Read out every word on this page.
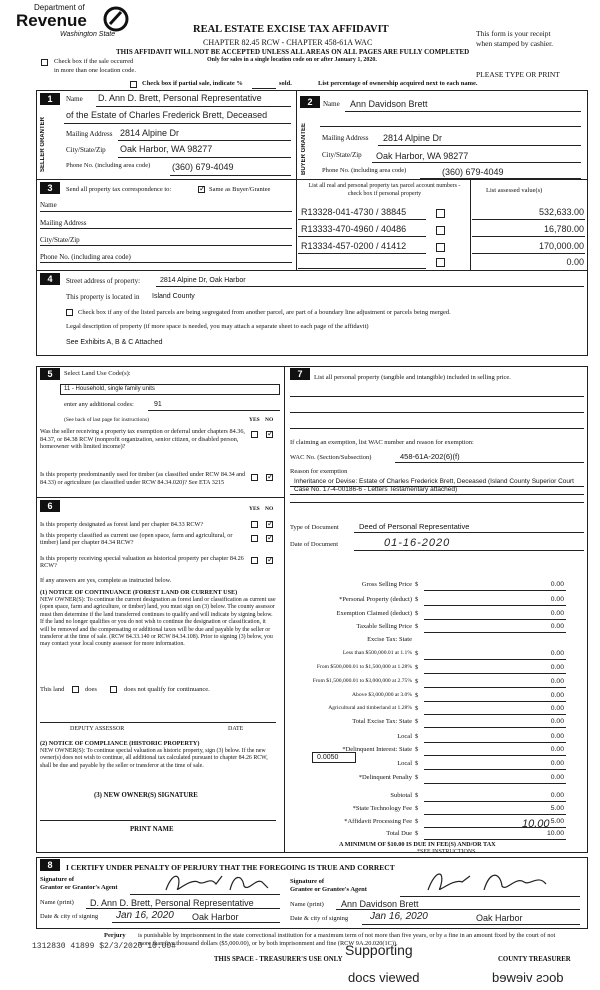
Department of
Revenue
Washington State	REAL ESTATE EXCISE TAX AFFIDAVIT
CHAPTER 82.45 RCW - CHAPTER 458-61A WAC
THIS AFFIDAVIT WILL NOT BE ACCEPTED UNLESS ALL AREAS ON ALL PAGES ARE FULLY COMPLETED
Only for sales in a single location code on or after January 1, 2020.
This form is your receipt
when stamped by cashier.
PLEASE TYPE OR PRINT
Check box if the sale occurred
in more than one location code.
Check box if partial sale, indicate %	sold.	List percentage of ownership acquired next to each name.
1
SELLER GRANTER
Name D. Ann D. Brett, Personal Representative
of the Estate of Charles Frederick Brett, Deceased
Mailing Address 2814 Alpine Dr
City/State/Zip Oak Harbor, WA 98277
Phone No. (including area code) (360) 679-4049
2
BUYER GRANTEE
Name Ann Davidson Brett
Mailing Address 2814 Alpine Dr
City/State/Zip Oak Harbor, WA 98277
Phone No. (including area code)	(360) 679-4049
3	Send all property tax correspondence to: ✓	Same as Buyer/Grantee
Name
Mailing Address
City/State/Zip
Phone No. (including area code)
List all real and personal property tax parcel account numbers - check box if personal property	List assessed value(s)
R13328-041-4730 / 38845	532,633.00
R13333-470-4960 / 40486	16,780.00
R13334-457-0200 / 41412	170,000.00
0.00
4	Street address of property:	2814 Alpine Dr, Oak Harbor
This property is located in Island County
Check box if any of the listed parcels are being segregated from another parcel, are part of a boundary line adjustment or parcels being merged.
Legal description of property (if more space is needed, you may attach a separate sheet to each page of the affidavit)
See Exhibits A, B & C Attached
5	Select Land Use Code(s):
11 - Household, single family units
enter any additional codes:	91
(See back of last page for instructions)	YES NO
Was the seller receiving a property tax exemption or deferral under chapters 84.36, 84.37, or 84.38 RCW (nonprofit organization, senior citizen, or disabled person, homeowner with limited income)?
✓
Is this property predominantly used for timber (as classified under RCW 84.34 and 84.33) or agriculture (as classified under RCW 84.34.020)? See ETA 3215
✓
6	YES NO
Is this property designated as forest land per chapter 84.33 RCW?
✓
Is this property classified as current use (open space, farm and agricultural, or timber) land per chapter 84.34 RCW?
✓
Is this property receiving special valuation as historical property per chapter 84.26 RCW?
✓
If any answers are yes, complete as instructed below.
(1) NOTICE OF CONTINUANCE (FOREST LAND OR CURRENT USE)
NEW OWNER(S): To continue the current designation as forest land or classification as current use (open space, farm and agriculture, or timber) land, you must sign on (3) below. The county assessor must then determine if the land transferred continues to qualify and will indicate by signing below. If the land no longer qualifies or you do not wish to continue the designation or classification, it will be removed and the compensating or additional taxes will be due and payable by the seller or transferor at the time of sale. (RCW 84.33.140 or RCW 84.34.108). Prior to signing (3) below, you may contact your local county assessor for more information.
This land	does	does not qualify for continuance.
DEPUTY ASSESSOR	DATE
(2) NOTICE OF COMPLIANCE (HISTORIC PROPERTY)
NEW OWNER(S): To continue special valuation as historic property, sign (3) below. If the new owner(s) does not wish to continue, all additional tax calculated pursuant to chapter 84.26 RCW, shall be due and payable by the seller or transferor at the time of sale.
(3) NEW OWNER(S) SIGNATURE
PRINT NAME
7	List all personal property (tangible and intangible) included in selling price.
If claiming an exemption, list WAC number and reason for exemption:
WAC No. (Section/Subsection)	458-61A-202(6)(f)
Reason for exemption
Inheritance or Devise: Estate of Charles Frederick Brett, Deceased (Island County Superior Court Case No. 17-4-00186-6 - Letters Testamentary attached)
Type of Document	Deed of Personal Representative
Date of Document	01-16-2020
Gross Selling Price $	0.00
*Personal Property (deduct) $	0.00
Exemption Claimed (deduct) $	0.00
Taxable Selling Price $	0.00
Excise Tax: State
Less than $500,000.01 at 1.1% $	0.00
From $500,000.01 to $1,500,000 at 1.28% $	0.00
From $1,500,000.01 to $3,000,000 at 2.75% $	0.00
Above $3,000,000 at 3.0% $	0.00
Agricultural and timberland at 1.28% $	0.00
Total Excise Tax: State $	0.00
Local $	0.00
*Delinquent Interest: State $	0.00
Local $	0.00
*Delinquent Penalty $	0.00
Subtotal $	0.00
*State Technology Fee $	5.00
*Affidavit Processing Fee $	5.00
Total Due $	10.00
0.0050
10.00
A MINIMUM OF $10.00 IS DUE IN FEE(S) AND/OR TAX
*SEE INSTRUCTIONS
8	I CERTIFY UNDER PENALTY OF PERJURY THAT THE FOREGOING IS TRUE AND CORRECT
Signature of
Grantor or Grantor's Agent
Signature of
Grantee or Grantee's Agent
Name (print) D. Ann D. Brett, Personal Representative	Name (print) Ann Davidson Brett
Date & city of signing Jan 16, 2020 Oak Harbor	Date & city of signing Jan 16, 2020	Oak Harbor
Perjury is punishable by imprisonment in the state correctional institution for a maximum term of not more than five years, or by a fine in an amount fixed by the court of not more than five thousand dollars ($5,000.00), or by both imprisonment and fine (RCW 9A.20.020(1C)).
1312830 41899 $2/3/2020 10.00#
THIS SPACE - TREASURER'S USE ONLY	COUNTY TREASURER
Supporting
docs viewed	docs viewed
